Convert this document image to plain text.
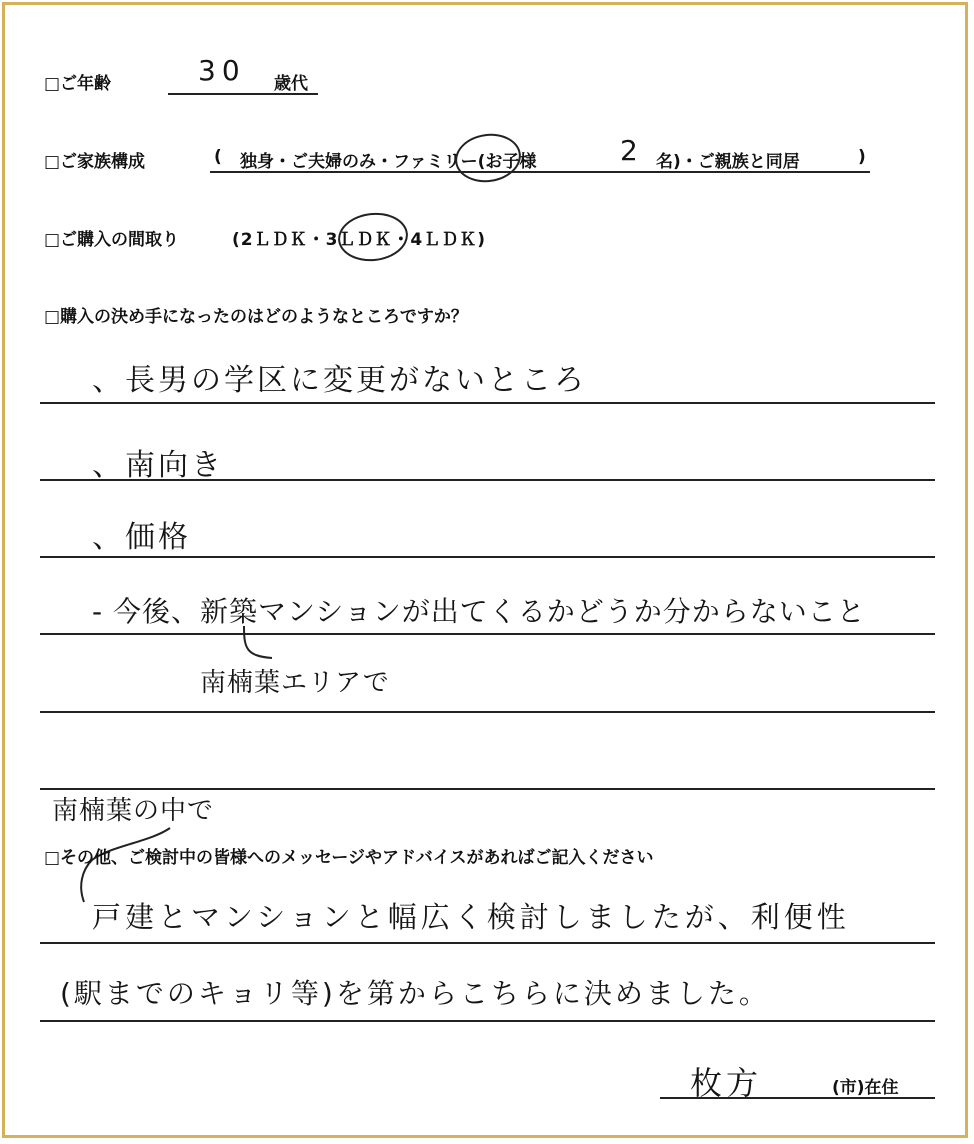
□ご年齢	30 歳代
□ご家族構成	( 独身・ご夫婦のみ・ファミリー(お子様	2 名)・ご親族と同居	)
□ご購入の間取り	(2ＬＤＫ・3ＬＤＫ・4ＬＤＫ)
□購入の決め手になったのはどのようなところですか？
、長男の学区に変更がないところ
、南向き
、価格
- 今後、新築マンションが出てくるかどうか分からないこと
南楠葉エリアで
南楠葉の中で
□その他、ご検討中の皆様へのメッセージやアドバイスがあればご記入ください
戸建とマンションと幅広く検討しましたが、利便性
(駅までのキョリ等)を第からこちらに決めました。
枚方	(市)在住
